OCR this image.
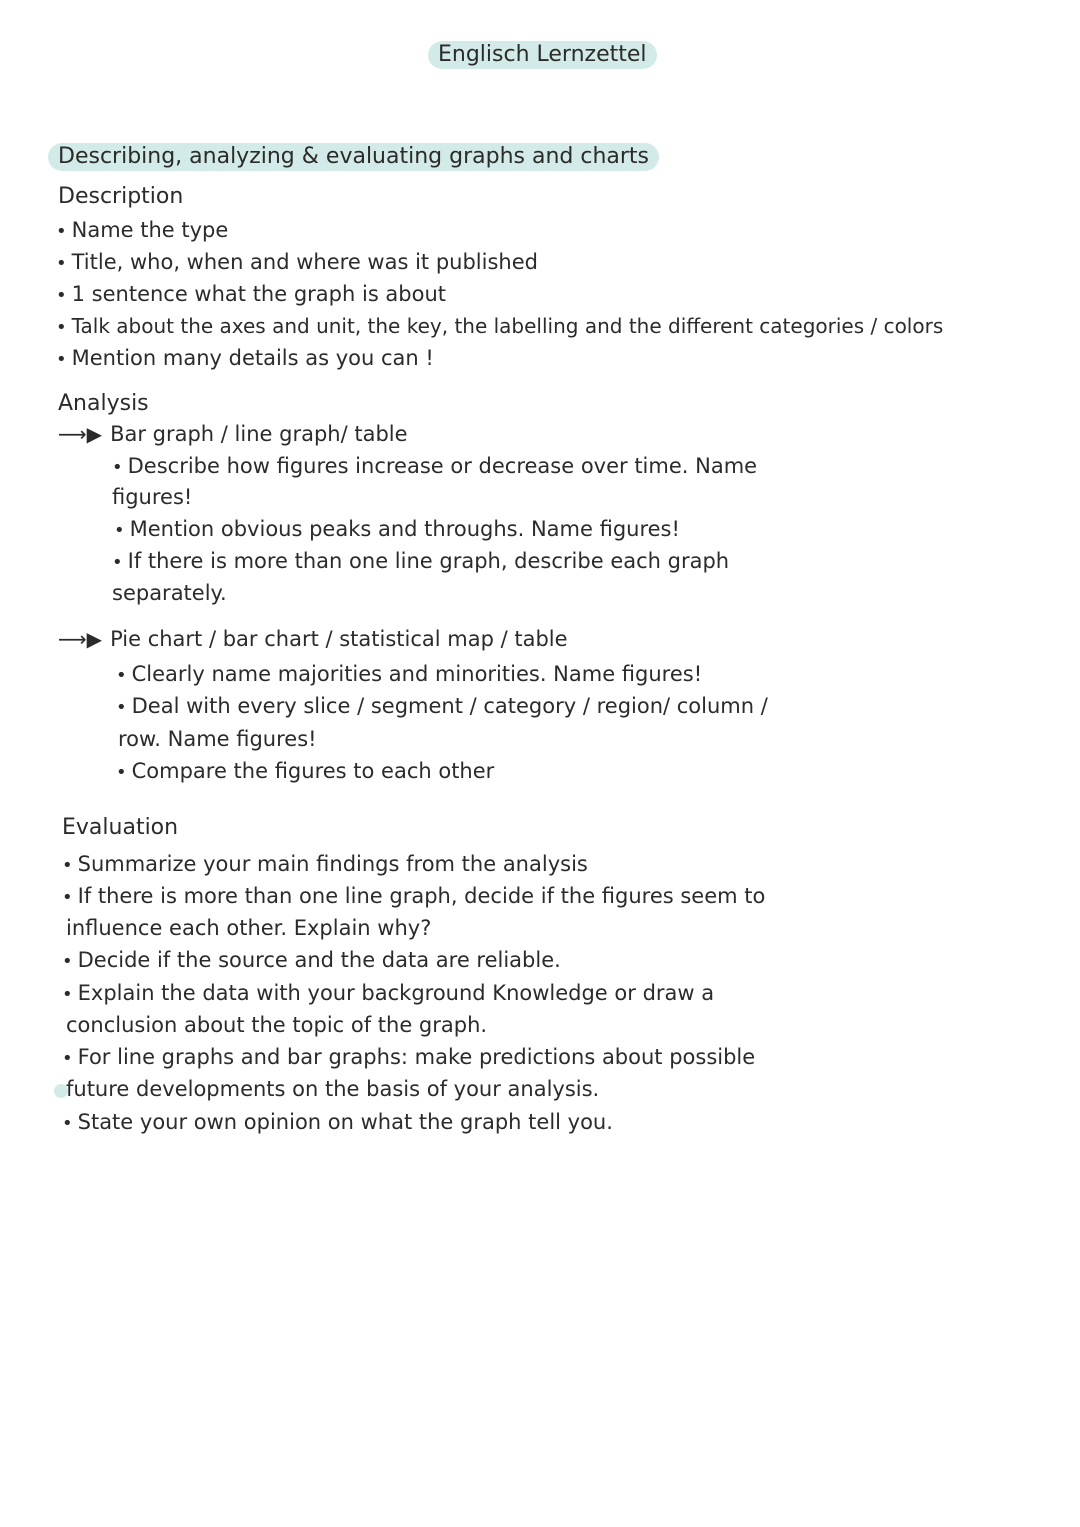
Englisch Lernzettel
Describing, analyzing & evaluating graphs and charts
Description
• Name the type
• Title, who, when and where was it published
• 1 sentence what the graph is about
• Talk about the axes and unit, the key, the labelling and the different categories / colors
• Mention many details as you can !
Analysis
⟶▶ Bar graph / line graph/ table
• Describe how figures increase or decrease over time. Name
figures!
• Mention obvious peaks and throughs. Name figures!
• If there is more than one line graph, describe each graph
separately.
⟶▶ Pie chart / bar chart / statistical map / table
• Clearly name majorities and minorities. Name figures!
• Deal with every slice / segment / category / region/ column /
row. Name figures!
• Compare the figures to each other
Evaluation
• Summarize your main findings from the analysis
• If there is more than one line graph, decide if the figures seem to
influence each other. Explain why?
• Decide if the source and the data are reliable.
• Explain the data with your background Knowledge or draw a
conclusion about the topic of the graph.
• For line graphs and bar graphs: make predictions about possible
future developments on the basis of your analysis.
• State your own opinion on what the graph tell you.
